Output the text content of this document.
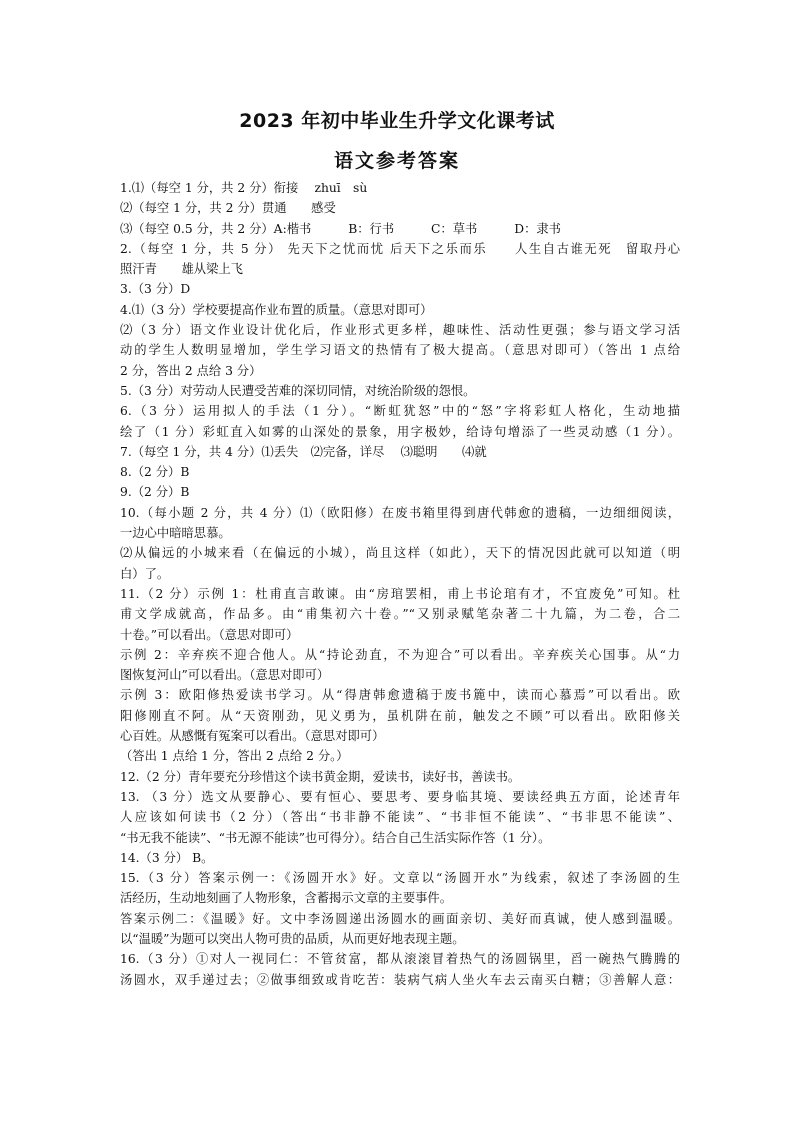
2023 年初中毕业生升学文化课考试
语文参考答案
1.⑴（每空 1 分，共 2 分）衔接　 zhuī　sù
⑵（每空 1 分，共 2 分）贯通　　感受
⑶（每空 0.5 分，共 2 分）A:楷书　　　B：行书　　　C：草书　　　D：隶书
2.（每空 1 分，共 5 分） 先天下之忧而忧 后天下之乐而乐　　人生自古谁无死　留取丹心
照汗青　　雄从梁上飞
3.（3 分）D
4.⑴（3 分）学校要提高作业布置的质量。（意思对即可）
⑵（3 分）语文作业设计优化后，作业形式更多样，趣味性、活动性更强；参与语文学习活
动的学生人数明显增加，学生学习语文的热情有了极大提高。（意思对即可）（答出 1 点给
2 分，答出 2 点给 3 分）
5.（3 分）对劳动人民遭受苦难的深切同情，对统治阶级的怨恨。
6.（3 分）运用拟人的手法（1 分）。“断虹犹怒”中的“怒”字将彩虹人格化，生动地描
绘了（1 分）彩虹直入如雾的山深处的景象，用字极妙，给诗句增添了一些灵动感（1 分）。
7.（每空 1 分，共 4 分）⑴丢失　⑵完备，详尽　 ⑶聪明　　⑷就
8.（2 分）B
9.（2 分）B
10.（每小题 2 分，共 4 分）⑴（欧阳修）在废书箱里得到唐代韩愈的遗稿，一边细细阅读，
一边心中暗暗思慕。
⑵从偏远的小城来看（在偏远的小城），尚且这样（如此），天下的情况因此就可以知道（明
白）了。
11.（2 分）示例 1：杜甫直言敢谏。由“房琯罢相，甫上书论琯有才，不宜废免”可知。杜
甫文学成就高，作品多。由“甫集初六十卷。”“又别录赋笔杂著二十九篇，为二卷，合二
十卷。”可以看出。（意思对即可）
示例 2：辛弃疾不迎合他人。从“持论劲直，不为迎合”可以看出。辛弃疾关心国事。从“力
图恢复河山”可以看出。（意思对即可）
示例 3：欧阳修热爱读书学习。从“得唐韩愈遗稿于废书簏中，读而心慕焉”可以看出。欧
阳修刚直不阿。从“天资刚劲，见义勇为，虽机阱在前，触发之不顾”可以看出。欧阳修关
心百姓。从感慨有冤案可以看出。（意思对即可）
（答出 1 点给 1 分，答出 2 点给 2 分。）
12.（2 分）青年要充分珍惜这个读书黄金期，爱读书，读好书，善读书。
13. （3 分）选文从要静心、要有恒心、要思考、要身临其境、要读经典五方面，论述青年
人应该如何读书（2 分）（答出“书非静不能读”、“书非恒不能读”、“书非思不能读”、
“书无我不能读”、“书无源不能读”也可得分）。结合自己生活实际作答（1 分）。
14.（3 分） B。
15.（3 分）答案示例一：《汤圆开水》好。文章以“汤圆开水”为线索，叙述了李汤圆的生
活经历，生动地刻画了人物形象，含蓄揭示文章的主要事件。
答案示例二：《温暖》好。文中李汤圆递出汤圆水的画面亲切、美好而真诚，使人感到温暖。
以“温暖”为题可以突出人物可贵的品质，从而更好地表现主题。
16.（3 分）①对人一视同仁：不管贫富，都从滚滚冒着热气的汤圆锅里，舀一碗热气腾腾的
汤圆水，双手递过去；②做事细致或肯吃苦：装病气病人坐火车去云南买白糖；③善解人意：
